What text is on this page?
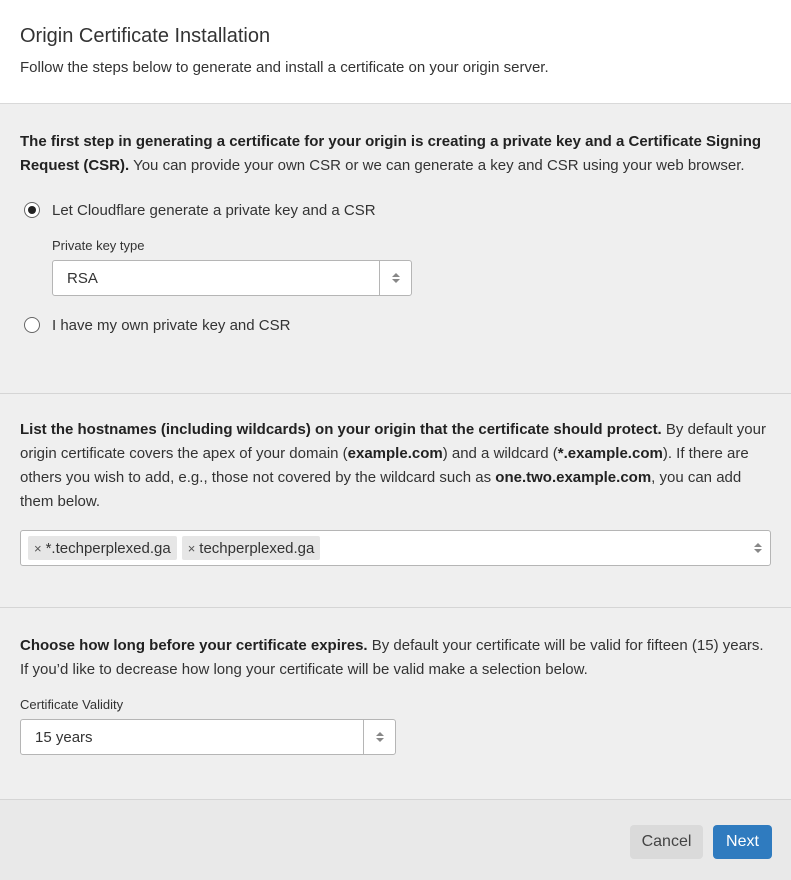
Origin Certificate Installation

Follow the steps below to generate and install a certificate on your origin server.

The first step in generating a certificate for your origin is creating a private key and a Certificate Signing Request (CSR). You can provide your own CSR or we can generate a key and CSR using your web browser.

Let Cloudflare generate a private key and a CSR
Private key type
RSA
I have my own private key and CSR

List the hostnames (including wildcards) on your origin that the certificate should protect. By default your origin certificate covers the apex of your domain (example.com) and a wildcard (*.example.com). If there are others you wish to add, e.g., those not covered by the wildcard such as one.two.example.com, you can add them below.

× *.techperplexed.ga × techperplexed.ga

Choose how long before your certificate expires. By default your certificate will be valid for fifteen (15) years. If you’d like to decrease how long your certificate will be valid make a selection below.

Certificate Validity
15 years
Cancel	Next
